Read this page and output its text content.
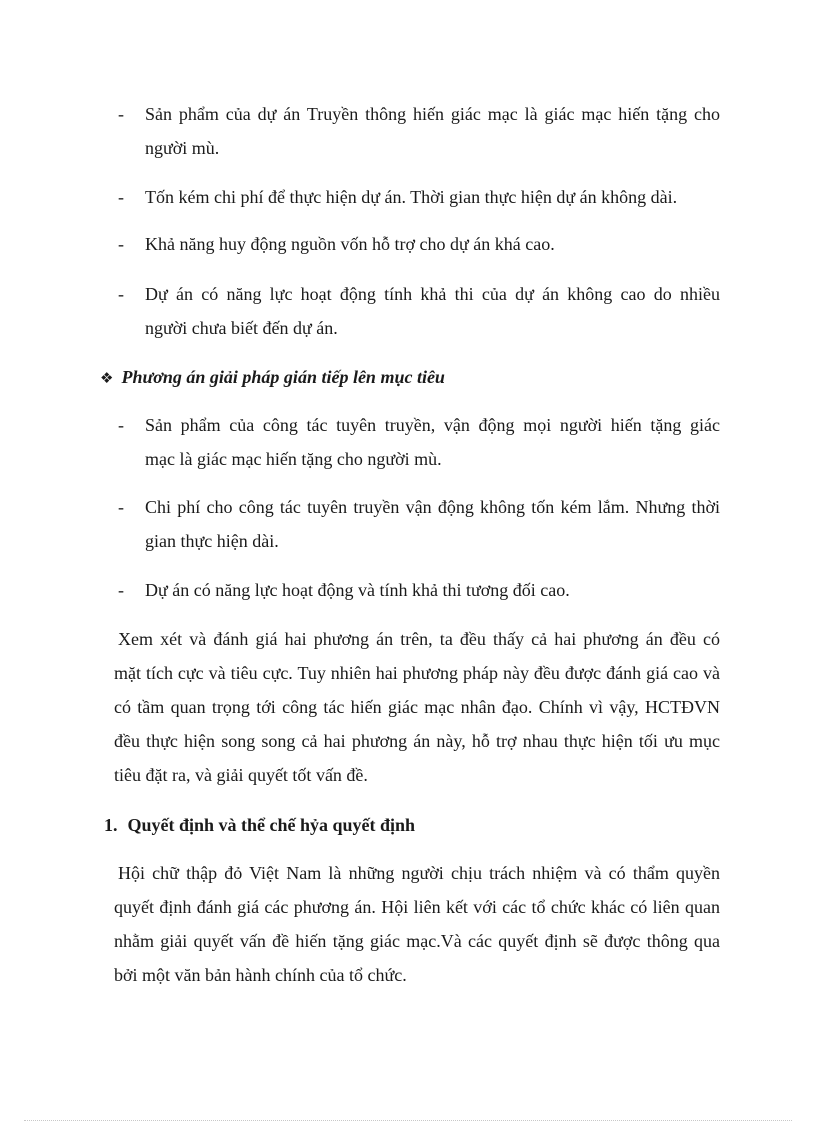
-	Sản phẩm của dự án Truyền thông hiến giác mạc là giác mạc hiến tặng cho
người mù.
-	Tốn kém chi phí để thực hiện dự án. Thời gian thực hiện dự án không dài.
-	Khả năng huy động nguồn vốn hỗ trợ cho dự án khá cao.
-	Dự án có năng lực hoạt động tính khả thi của dự án không cao do nhiều
người chưa biết đến dự án.
❖ Phương án giải pháp gián tiếp lên mục tiêu
-	Sản phẩm của công tác tuyên truyền, vận động mọi người hiến tặng giác
mạc là giác mạc hiến tặng cho người mù.
-	Chi phí cho công tác tuyên truyền vận động không tốn kém lắm. Nhưng thời
gian thực hiện dài.
-	Dự án có năng lực hoạt động và tính khả thi tương đối cao.
Xem xét và đánh giá hai phương án trên, ta đều thấy cả hai phương án đều có
mặt tích cực và tiêu cực. Tuy nhiên hai phương pháp này đều được đánh giá cao và
có tầm quan trọng tới công tác hiến giác mạc nhân đạo. Chính vì vậy, HCTĐVN
đều thực hiện song song cả hai phương án này, hỗ trợ nhau thực hiện tối ưu mục
tiêu đặt ra, và giải quyết tốt vấn đề.
1. Quyết định và thể chế hỷa quyết định
Hội chữ thập đỏ Việt Nam là những người chịu trách nhiệm và có thẩm quyền
quyết định đánh giá các phương án. Hội liên kết với các tổ chức khác có liên quan
nhằm giải quyết vấn đề hiến tặng giác mạc.Và các quyết định sẽ được thông qua
bởi một văn bản hành chính của tổ chức.
